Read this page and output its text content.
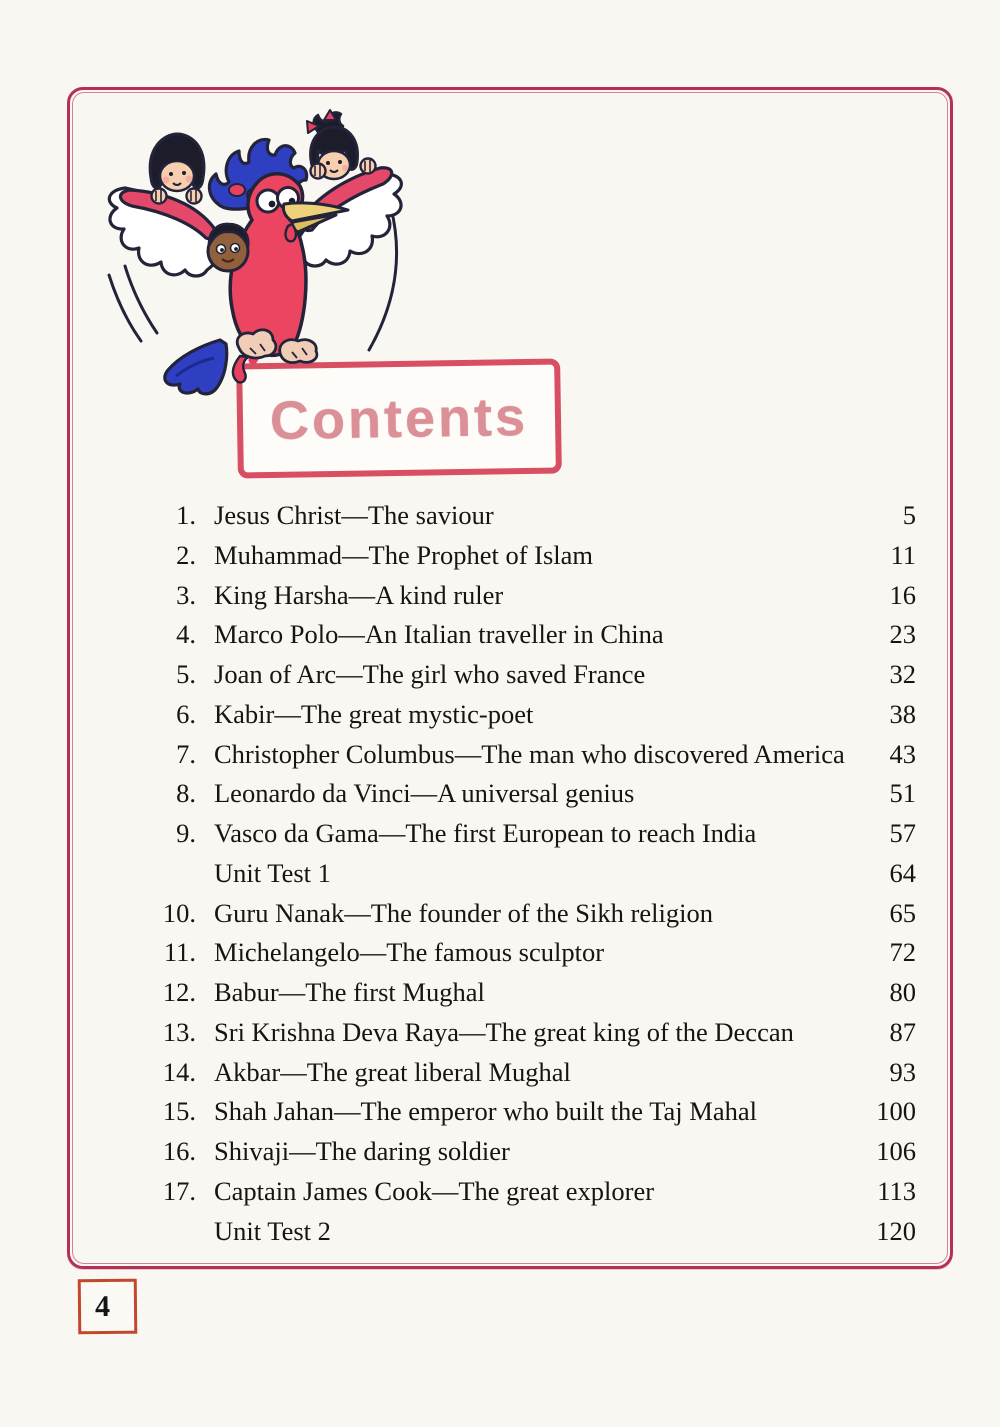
Contents
1. Jesus Christ—The saviour	5
2. Muhammad—The Prophet of Islam	11
3. King Harsha—A kind ruler	16
4. Marco Polo—An Italian traveller in China	23
5. Joan of Arc—The girl who saved France	32
6. Kabir—The great mystic-poet	38
7. Christopher Columbus—The man who discovered America	43
8. Leonardo da Vinci—A universal genius	51
9. Vasco da Gama—The first European to reach India	57
Unit Test 1	64
10. Guru Nanak—The founder of the Sikh religion	65
11. Michelangelo—The famous sculptor	72
12. Babur—The first Mughal	80
13. Sri Krishna Deva Raya—The great king of the Deccan	87
14. Akbar—The great liberal Mughal	93
15. Shah Jahan—The emperor who built the Taj Mahal	100
16. Shivaji—The daring soldier	106
17. Captain James Cook—The great explorer	113
Unit Test 2	120
4
